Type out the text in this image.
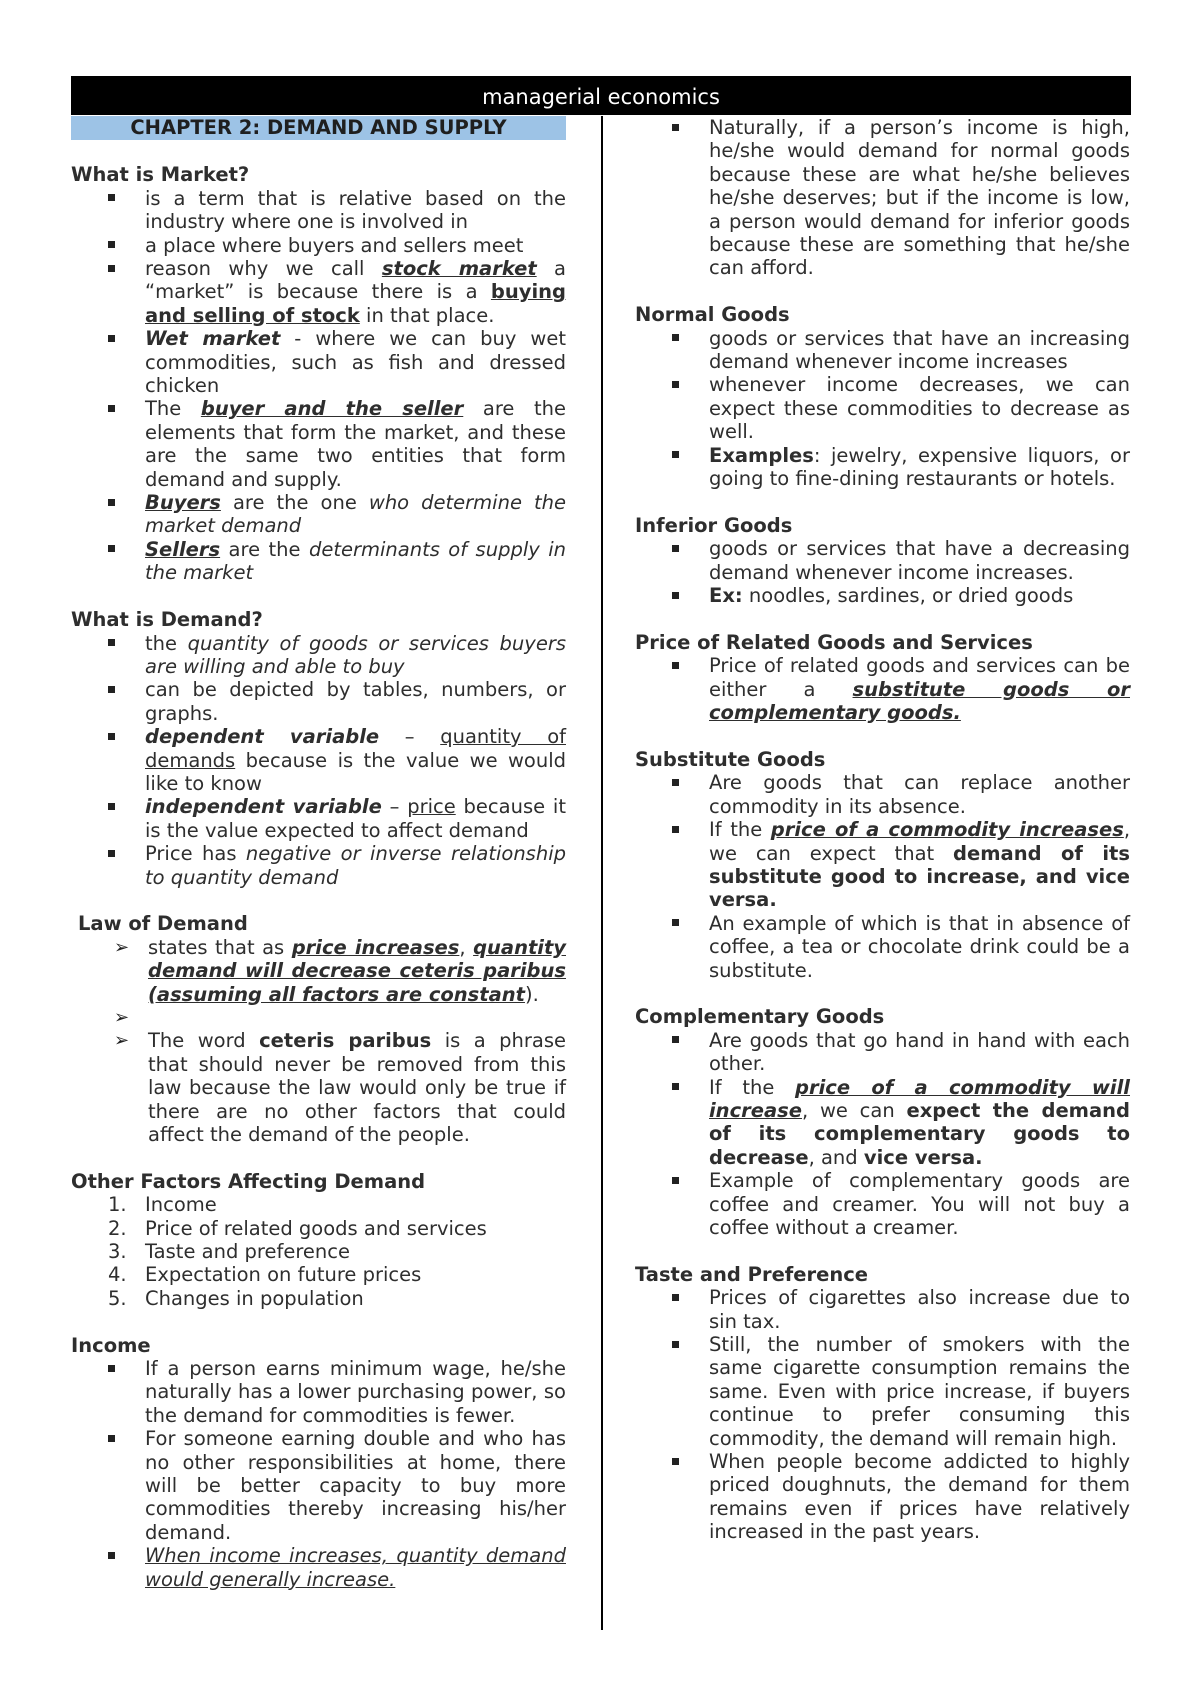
managerial economics
CHAPTER 2: DEMAND AND SUPPLY

What is Market?

is a term that is relative based on the industry where one is involved in
a place where buyers and sellers meet
reason why we call stock market a “market” is because there is a buying and selling of stock in that place.
Wet market - where we can buy wet commodities, such as fish and dressed chicken
The buyer and the seller are the elements that form the market, and these are the same two entities that form demand and supply.
Buyers are the one who determine the market demand
Sellers are the determinants of supply in the market

What is Demand?

the quantity of goods or services buyers are willing and able to buy
can be depicted by tables, numbers, or graphs.
dependent variable – quantity of demands because is the value we would like to know
independent variable – price because it is the value expected to affect demand
Price has negative or inverse relationship to quantity demand

Law of Demand

➢ states that as price increases, quantity demand will decrease ceteris paribus (assuming all factors are constant).
➢

➢ The word ceteris paribus is a phrase that should never be removed from this law because the law would only be true if there are no other factors that could affect the demand of the people.

Other Factors Affecting Demand

1. Income
2. Price of related goods and services
3. Taste and preference
4. Expectation on future prices
5. Changes in population

Income

If a person earns minimum wage, he/she naturally has a lower purchasing power, so the demand for commodities is fewer.
For someone earning double and who has no other responsibilities at home, there will be better capacity to buy more commodities thereby increasing his/her demand.
When income increases, quantity demand would generally increase.
Naturally, if a person’s income is high, he/she would demand for normal goods because these are what he/she believes he/she deserves; but if the income is low, a person would demand for inferior goods because these are something that he/she can afford.

Normal Goods

goods or services that have an increasing demand whenever income increases
whenever income decreases, we can expect these commodities to decrease as well.
Examples: jewelry, expensive liquors, or going to fine-dining restaurants or hotels.

Inferior Goods

goods or services that have a decreasing demand whenever income increases.
Ex: noodles, sardines, or dried goods

Price of Related Goods and Services

Price of related goods and services can be either a substitute goods or complementary goods.

Substitute Goods

Are goods that can replace another commodity in its absence.
If the price of a commodity increases, we can expect that demand of its substitute good to increase, and vice versa.
An example of which is that in absence of coffee, a tea or chocolate drink could be a substitute.

Complementary Goods

Are goods that go hand in hand with each other.
If the price of a commodity will increase, we can expect the demand of its complementary goods to decrease, and vice versa.
Example of complementary goods are coffee and creamer. You will not buy a coffee without a creamer.

Taste and Preference

Prices of cigarettes also increase due to sin tax.
Still, the number of smokers with the same cigarette consumption remains the same. Even with price increase, if buyers continue to prefer consuming this commodity, the demand will remain high.
When people become addicted to highly priced doughnuts, the demand for them remains even if prices have relatively increased in the past years.
